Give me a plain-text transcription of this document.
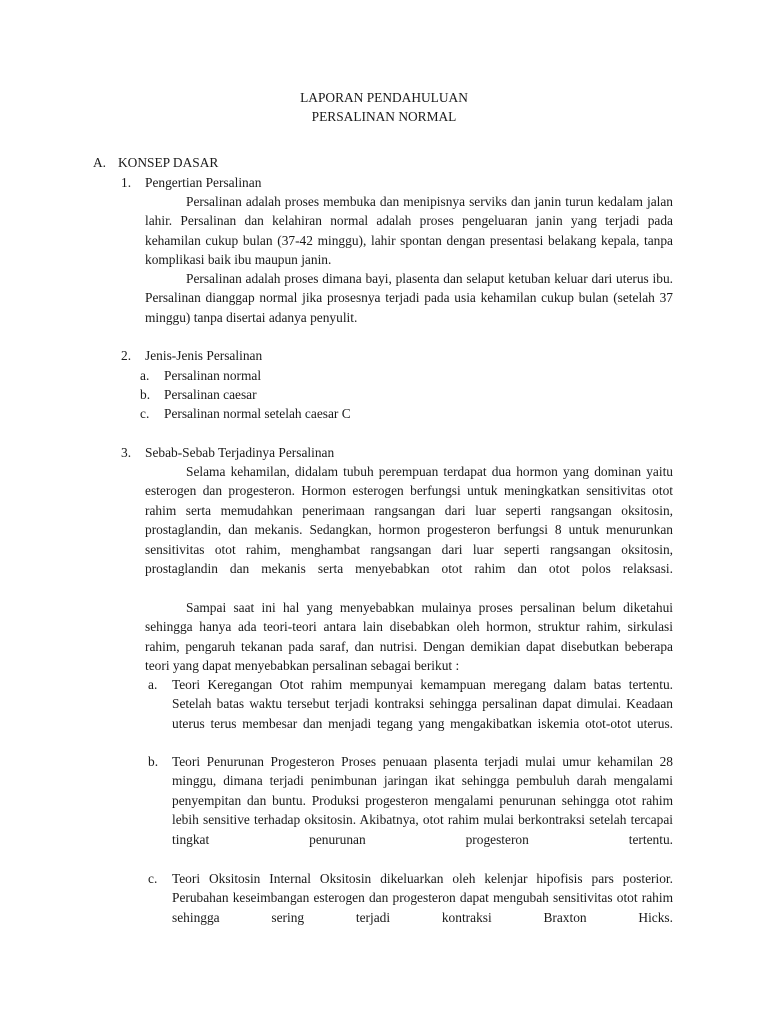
LAPORAN PENDAHULUAN
PERSALINAN NORMAL
A. KONSEP DASAR
1. Pengertian Persalinan
Persalinan adalah proses membuka dan menipisnya serviks dan janin turun kedalam jalan
lahir. Persalinan dan kelahiran normal adalah proses pengeluaran janin yang terjadi pada
kehamilan cukup bulan (37-42 minggu), lahir spontan dengan presentasi belakang kepala, tanpa
komplikasi baik ibu maupun janin.
Persalinan adalah proses dimana bayi, plasenta dan selaput ketuban keluar dari uterus ibu.
Persalinan dianggap normal jika prosesnya terjadi pada usia kehamilan cukup bulan (setelah 37
minggu) tanpa disertai adanya penyulit.
2. Jenis-Jenis Persalinan
a. Persalinan normal
b. Persalinan caesar
c. Persalinan normal setelah caesar C
3. Sebab-Sebab Terjadinya Persalinan
Selama kehamilan, didalam tubuh perempuan terdapat dua hormon yang dominan yaitu
esterogen dan progesteron. Hormon esterogen berfungsi untuk meningkatkan sensitivitas otot
rahim serta memudahkan penerimaan rangsangan dari luar seperti rangsangan oksitosin,
prostaglandin, dan mekanis. Sedangkan, hormon progesteron berfungsi 8 untuk menurunkan
sensitivitas otot rahim, menghambat rangsangan dari luar seperti rangsangan oksitosin,
prostaglandin dan mekanis serta menyebabkan otot rahim dan otot polos relaksasi.
Sampai saat ini hal yang menyebabkan mulainya proses persalinan belum diketahui
sehingga hanya ada teori-teori antara lain disebabkan oleh hormon, struktur rahim, sirkulasi
rahim, pengaruh tekanan pada saraf, dan nutrisi. Dengan demikian dapat disebutkan beberapa
teori yang dapat menyebabkan persalinan sebagai berikut :
a. Teori Keregangan Otot rahim mempunyai kemampuan meregang dalam batas tertentu.
Setelah batas waktu tersebut terjadi kontraksi sehingga persalinan dapat dimulai. Keadaan
uterus terus membesar dan menjadi tegang yang mengakibatkan iskemia otot-otot uterus.
b. Teori Penurunan Progesteron Proses penuaan plasenta terjadi mulai umur kehamilan 28
minggu, dimana terjadi penimbunan jaringan ikat sehingga pembuluh darah mengalami
penyempitan dan buntu. Produksi progesteron mengalami penurunan sehingga otot rahim
lebih sensitive terhadap oksitosin. Akibatnya, otot rahim mulai berkontraksi setelah tercapai
tingkat penurunan progesteron tertentu.
c. Teori Oksitosin Internal Oksitosin dikeluarkan oleh kelenjar hipofisis pars posterior.
Perubahan keseimbangan esterogen dan progesteron dapat mengubah sensitivitas otot rahim
sehingga sering terjadi kontraksi Braxton Hicks.
